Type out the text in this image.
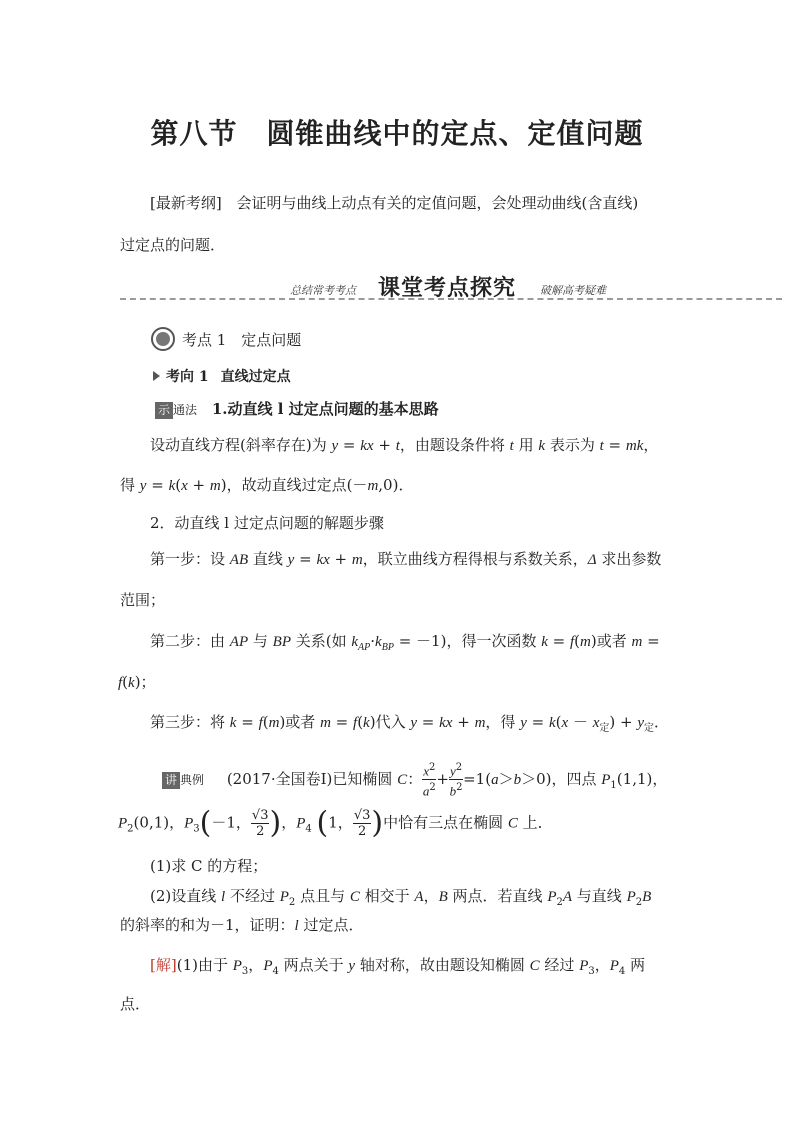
第八节　圆锥曲线中的定点、定值问题
[最新考纲] 会证明与曲线上动点有关的定值问题，会处理动曲线(含直线)
过定点的问题．
总结常考考点 课堂考点探究 破解高考疑难
考点 1　定点问题
考向 1 直线过定点
示 通法 1.动直线 l 过定点问题的基本思路
设动直线方程(斜率存在)为 y = kx + t，由题设条件将 t 用 k 表示为 t = mk，
得 y = k(x + m)，故动直线过定点(－m,0)．
2．动直线 l 过定点问题的解题步骤
第一步：设 AB 直线 y = kx + m，联立曲线方程得根与系数关系，Δ 求出参数
范围；
第二步：由 AP 与 BP 关系(如 $k_{AP}\cdot k_{BP} = -1$)，得一次函数 k = f(m)或者 m =
f(k)；
第三步：将 k = f(m)或者 m = f(k)代入 y = kx + m，得 $y = k(x - x_定) + y_定$．
讲 典例 (2017·全国卷Ⅰ)已知椭圆 C： $\frac{x^2}{a^2} + \frac{y^2}{b^2} =1(a>b>0)$，四点 $P_1(1,1)$，
$P_2(0,1)$，$P_3(-1$， $\frac{√3}{2}$ )，$P_4$ (1， $\frac{√3}{2}$ )中恰有三点在椭圆 C 上．
(1)求 C 的方程；
(2)设直线 l 不经过 $P_2$ 点且与 C 相交于 A，B 两点．若直线 $P_2A$ 与直线 $P_2B$
的斜率的和为－1，证明：l 过定点．
[解](1)由于 $P_3$，$P_4$ 两点关于 y 轴对称，故由题设知椭圆 C 经过 $P_3$，$P_4$ 两
点．
